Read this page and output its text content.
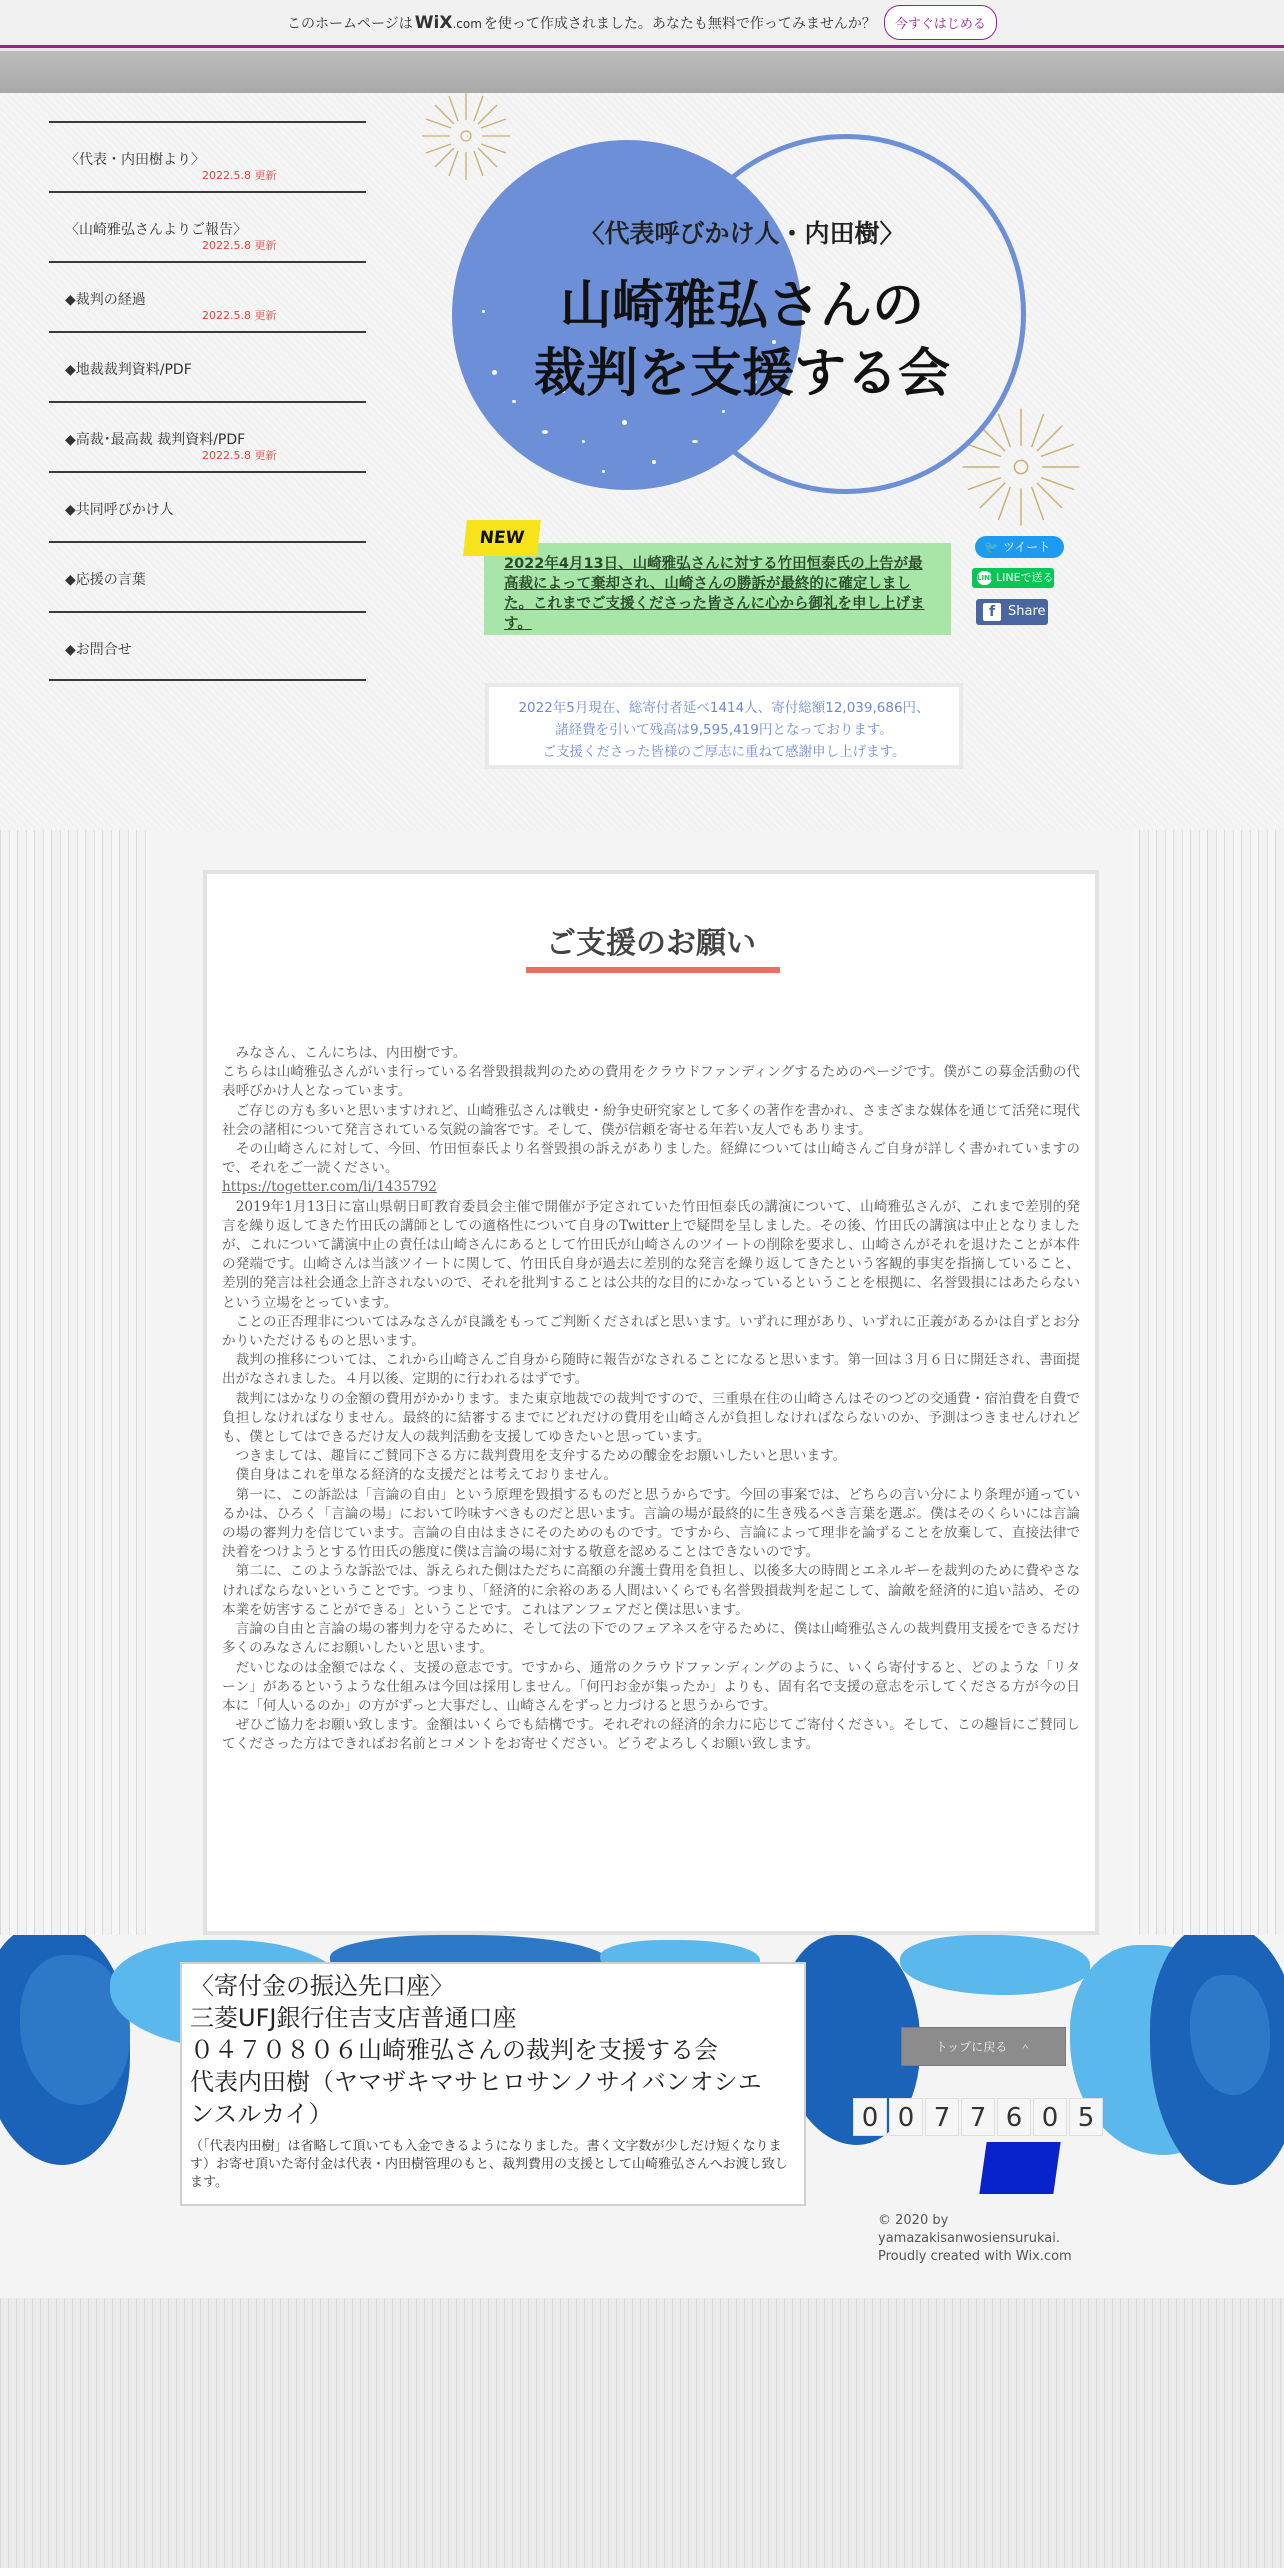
このホームページは WiX.com を使って作成されました。あなたも無料で作ってみませんか？	今すぐはじめる
〈代表・内田樹より〉
2022.5.8 更新
〈山崎雅弘さんよりご報告〉
2022.5.8 更新
◆裁判の経過
2022.5.8 更新
◆地裁裁判資料/PDF
◆高裁･最高裁 裁判資料/PDF
2022.5.8 更新
◆共同呼びかけ人
◆応援の言葉
◆お問合せ
〈代表呼びかけ人・内田樹〉
山崎雅弘さんの
裁判を支援する会
2022年4月13日、山崎雅弘さんに対する竹田恒泰氏の上告が最高裁によって棄却され、山崎さんの勝訴が最終的に確定しました。これまでご支援くださった皆さんに心から御礼を申し上げます。
NEW	🐦 ツイート
LINE LINEで送る
f Share
2022年5月現在、総寄付者延べ1414人、寄付総額12,039,686円、
諸経費を引いて残高は9,595,419円となっております。
ご支援くださった皆様のご厚志に重ねて感謝申し上げます。
ご支援のお願い

　みなさん、こんにちは、内田樹です。

こちらは山崎雅弘さんがいま行っている名誉毀損裁判のための費用をクラウドファンディングするためのページです。僕がこの募金活動の代表呼びかけ人となっています。

　ご存じの方も多いと思いますけれど、山崎雅弘さんは戦史・紛争史研究家として多くの著作を書かれ、さまざまな媒体を通じて活発に現代社会の諸相について発言されている気鋭の論客です。そして、僕が信頼を寄せる年若い友人でもあります。

　その山崎さんに対して、今回、竹田恒泰氏より名誉毀損の訴えがありました。経緯については山崎さんご自身が詳しく書かれていますので、それをご一読ください。

https://togetter.com/li/1435792

　2019年1月13日に富山県朝日町教育委員会主催で開催が予定されていた竹田恒泰氏の講演について、山崎雅弘さんが、これまで差別的発言を繰り返してきた竹田氏の講師としての適格性について自身のTwitter上で疑問を呈しました。その後、竹田氏の講演は中止となりましたが、これについて講演中止の責任は山崎さんにあるとして竹田氏が山崎さんのツイートの削除を要求し、山崎さんがそれを退けたことが本件の発端です。山崎さんは当該ツイートに関して、竹田氏自身が過去に差別的な発言を繰り返してきたという客観的事実を指摘していること、差別的発言は社会通念上許されないので、それを批判することは公共的な目的にかなっているということを根拠に、名誉毀損にはあたらないという立場をとっています。

　ことの正否理非についてはみなさんが良識をもってご判断くださればと思います。いずれに理があり、いずれに正義があるかは自ずとお分かりいただけるものと思います。

　裁判の推移については、これから山崎さんご自身から随時に報告がなされることになると思います。第一回は３月６日に開廷され、書面提出がなされました。４月以後、定期的に行われるはずです。

　裁判にはかなりの金額の費用がかかります。また東京地裁での裁判ですので、三重県在住の山崎さんはそのつどの交通費・宿泊費を自費で負担しなければなりません。最終的に結審するまでにどれだけの費用を山崎さんが負担しなければならないのか、予測はつきませんけれども、僕としてはできるだけ友人の裁判活動を支援してゆきたいと思っています。

　つきましては、趣旨にご賛同下さる方に裁判費用を支弁するための醵金をお願いしたいと思います。

　僕自身はこれを単なる経済的な支援だとは考えておりません。

　第一に、この訴訟は「言論の自由」という原理を毀損するものだと思うからです。今回の事案では、どちらの言い分により条理が通っているかは、ひろく「言論の場」において吟味すべきものだと思います。言論の場が最終的に生き残るべき言葉を選ぶ。僕はそのくらいには言論の場の審判力を信じています。言論の自由はまさにそのためのものです。ですから、言論によって理非を論ずることを放棄して、直接法律で決着をつけようとする竹田氏の態度に僕は言論の場に対する敬意を認めることはできないのです。

　第二に、このような訴訟では、訴えられた側はただちに高額の弁護士費用を負担し、以後多大の時間とエネルギーを裁判のために費やさなければならないということです。つまり、「経済的に余裕のある人間はいくらでも名誉毀損裁判を起こして、論敵を経済的に追い詰め、その本業を妨害することができる」ということです。これはアンフェアだと僕は思います。

　言論の自由と言論の場の審判力を守るために、そして法の下でのフェアネスを守るために、僕は山崎雅弘さんの裁判費用支援をできるだけ多くのみなさんにお願いしたいと思います。

　だいじなのは金額ではなく、支援の意志です。ですから、通常のクラウドファンディングのように、いくら寄付すると、どのような「リターン」があるというような仕組みは今回は採用しません。「何円お金が集ったか」よりも、固有名で支援の意志を示してくださる方が今の日本に「何人いるのか」の方がずっと大事だし、山崎さんをずっと力づけると思うからです。

　ぜひご協力をお願い致します。金額はいくらでも結構です。それぞれの経済的余力に応じてご寄付ください。そして、この趣旨にご賛同してくださった方はできればお名前とコメントをお寄せください。どうぞよろしくお願い致します。

〈寄付金の振込先口座〉
三菱UFJ銀行住吉支店普通口座
０４７０８０６山崎雅弘さんの裁判を支援する会
代表内田樹（ヤマザキマサヒロサンノサイバンオシエ
ンスルカイ）
（「代表内田樹」は省略して頂いても入金できるようになりました。書く文字数が少しだけ短くなります）お寄せ頂いた寄付金は代表・内田樹管理のもと、裁判費用の支援として山崎雅弘さんへお渡し致します。
トップに戻る　＾
0 0 7 7 6 0 5
© 2020 by
yamazakisanwosiensurukai.
Proudly created with Wix.com
